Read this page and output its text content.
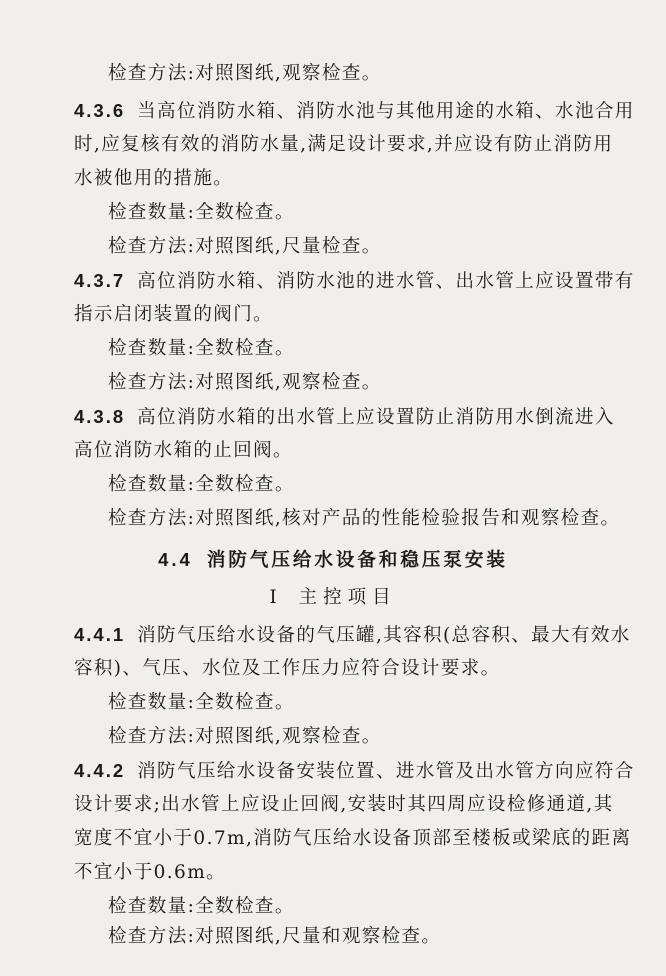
检查方法:对照图纸,观察检查。
4.3.6 当高位消防水箱、消防水池与其他用途的水箱、水池合用
时,应复核有效的消防水量,满足设计要求,并应设有防止消防用
水被他用的措施。
检查数量:全数检查。
检查方法:对照图纸,尺量检查。
4.3.7 高位消防水箱、消防水池的进水管、出水管上应设置带有
指示启闭装置的阀门。
检查数量:全数检查。
检查方法:对照图纸,观察检查。
4.3.8 高位消防水箱的出水管上应设置防止消防用水倒流进入
高位消防水箱的止回阀。
检查数量:全数检查。
检查方法:对照图纸,核对产品的性能检验报告和观察检查。
4.4 消防气压给水设备和稳压泵安装
Ⅰ 主控项目
4.4.1 消防气压给水设备的气压罐,其容积(总容积、最大有效水
容积)、气压、水位及工作压力应符合设计要求。
检查数量:全数检查。
检查方法:对照图纸,观察检查。
4.4.2 消防气压给水设备安装位置、进水管及出水管方向应符合
设计要求;出水管上应设止回阀,安装时其四周应设检修通道,其
宽度不宜小于0.7m,消防气压给水设备顶部至楼板或梁底的距离
不宜小于0.6m。
检查数量:全数检查。
检查方法:对照图纸,尺量和观察检查。
